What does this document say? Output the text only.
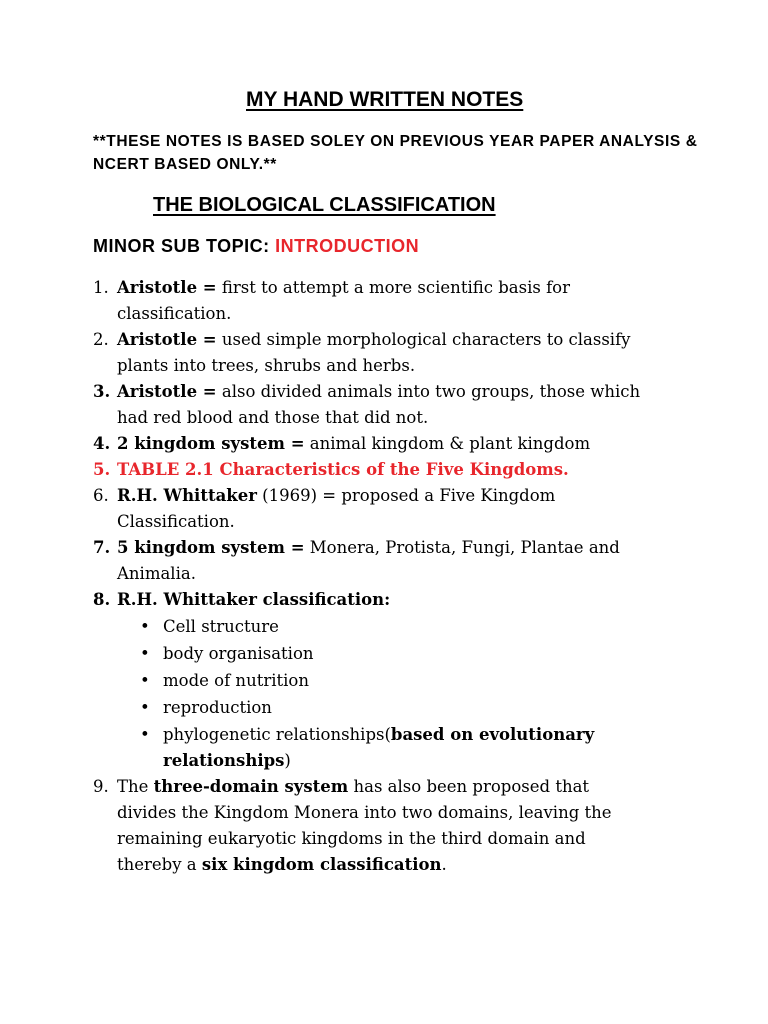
MY HAND WRITTEN NOTES

**THESE NOTES IS BASED SOLEY ON PREVIOUS YEAR PAPER ANALYSIS & NCERT BASED ONLY.**

THE BIOLOGICAL CLASSIFICATION

MINOR SUB TOPIC: INTRODUCTION

1. Aristotle = first to attempt a more scientific basis for classification.
2. Aristotle = used simple morphological characters to classify plants into trees, shrubs and herbs.
3. Aristotle = also divided animals into two groups, those which had red blood and those that did not.
4. 2 kingdom system = animal kingdom & plant kingdom
5. TABLE 2.1 Characteristics of the Five Kingdoms.
6. R.H. Whittaker (1969) = proposed a Five Kingdom Classification.
7. 5 kingdom system = Monera, Protista, Fungi, Plantae and Animalia.
8. R.H. Whittaker classification:
• Cell structure
• body organisation
• mode of nutrition
• reproduction
• phylogenetic relationships(based on evolutionary relationships)
9. The three-domain system has also been proposed that divides the Kingdom Monera into two domains, leaving the remaining eukaryotic kingdoms in the third domain and thereby a six kingdom classification.
